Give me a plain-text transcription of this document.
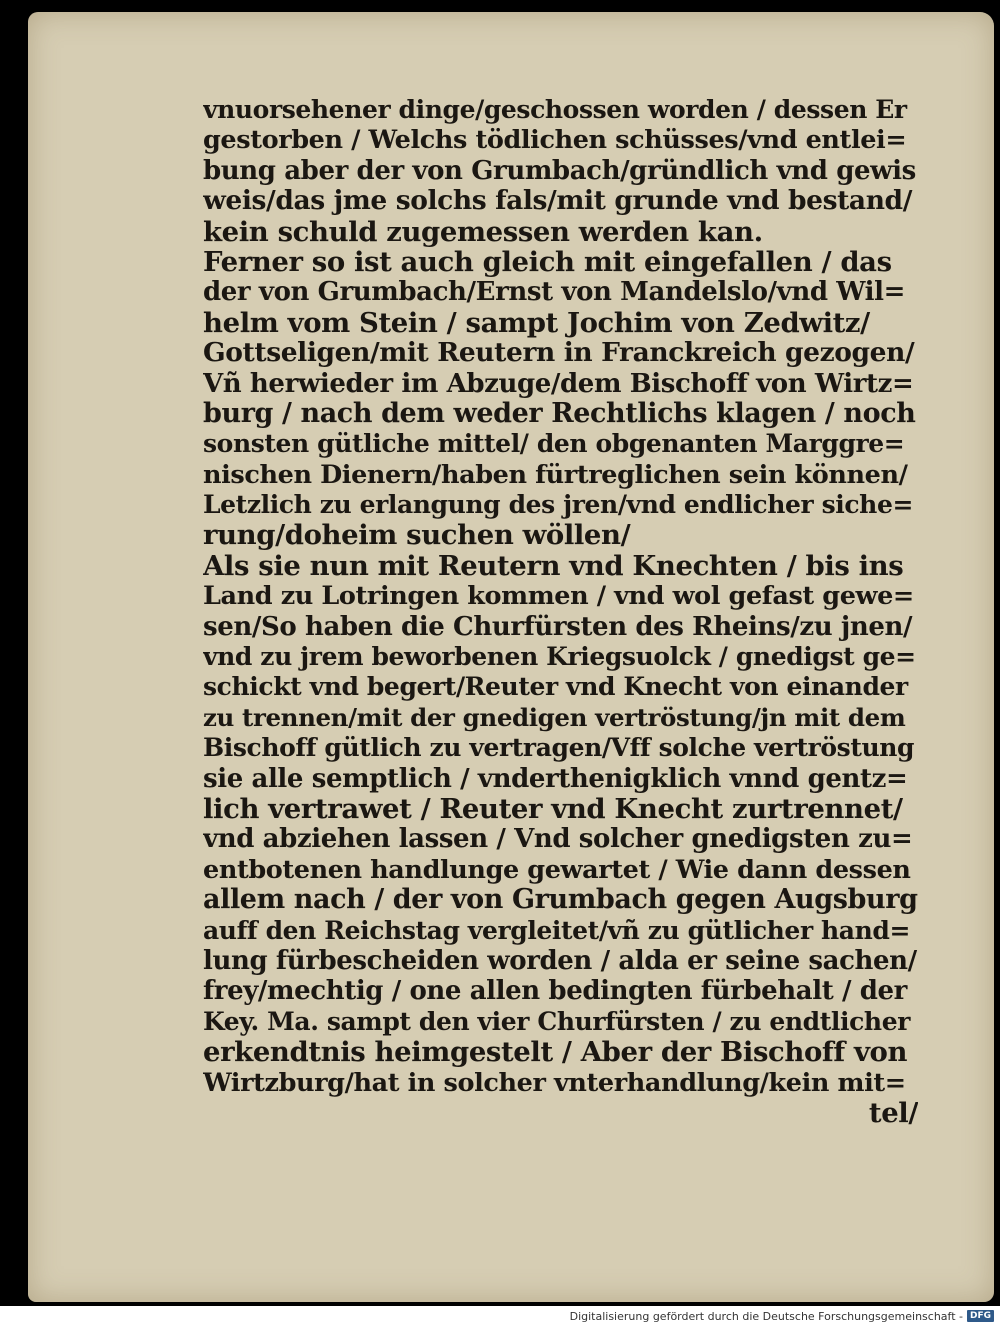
vnuorsehener dinge/geschossen worden / dessen Er
gestorben / Welchs tödlichen schüsses/vnd entlei=
bung aber der von Grumbach/gründlich vnd gewis
weis/das jme solchs fals/mit grunde vnd bestand/
kein schuld zugemessen werden kan.
Ferner so ist auch gleich mit eingefallen / das
der von Grumbach/Ernst von Mandelslo/vnd Wil=
helm vom Stein / sampt Jochim von Zedwitz/
Gottseligen/mit Reutern in Franckreich gezogen/
Vñ herwieder im Abzuge/dem Bischoff von Wirtz=
burg / nach dem weder Rechtlichs klagen / noch
sonsten gütliche mittel/ den obgenanten Marggre=
nischen Dienern/haben fürtreglichen sein können/
Letzlich zu erlangung des jren/vnd endlicher siche=
rung/doheim suchen wöllen/
Als sie nun mit Reutern vnd Knechten / bis ins
Land zu Lotringen kommen / vnd wol gefast gewe=
sen/So haben die Churfürsten des Rheins/zu jnen/
vnd zu jrem beworbenen Kriegsuolck / gnedigst ge=
schickt vnd begert/Reuter vnd Knecht von einander
zu trennen/mit der gnedigen vertröstung/jn mit dem
Bischoff gütlich zu vertragen/Vff solche vertröstung
sie alle semptlich / vnderthenigklich vnnd gentz=
lich vertrawet / Reuter vnd Knecht zurtrennet/
vnd abziehen lassen / Vnd solcher gnedigsten zu=
entbotenen handlunge gewartet / Wie dann dessen
allem nach / der von Grumbach gegen Augsburg
auff den Reichstag vergleitet/vñ zu gütlicher hand=
lung fürbescheiden worden / alda er seine sachen/
frey/mechtig / one allen bedingten fürbehalt / der
Key. Ma. sampt den vier Churfürsten / zu endtlicher
erkendtnis heimgestelt / Aber der Bischoff von
Wirtzburg/hat in solcher vnterhandlung/kein mit=
tel/
Digitalisierung gefördert durch die Deutsche Forschungsgemeinschaft - DFG
